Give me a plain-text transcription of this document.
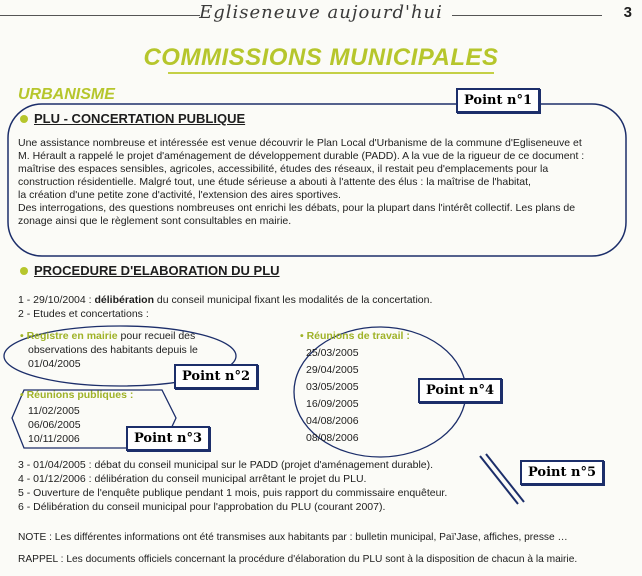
Egliseneuve aujourd'hui	3
COMMISSIONS MUNICIPALES
URBANISME	Point n°1
Point n°2
Point n°3
Point n°4
Point n°5
PLU - CONCERTATION PUBLIQUE
Une assistance nombreuse et intéressée est venue découvrir le Plan Local d'Urbanisme de la commune d'Egliseneuve et
M. Hérault a rappelé le projet d'aménagement de développement durable (PADD). A la vue de la rigueur de ce document :
maîtrise des espaces sensibles, agricoles, accessibilité, études des réseaux, il restait peu d'emplacements pour la
construction résidentielle. Malgré tout, une étude sérieuse a abouti à l'attente des élus : la maîtrise de l'habitat,
la création d'une petite zone d'activité, l'extension des aires sportives.
Des interrogations, des questions nombreuses ont enrichi les débats, pour la plupart dans l'intérêt collectif. Les plans de
zonage ainsi que le règlement sont consultables en mairie.
PROCEDURE D'ELABORATION DU PLU
1 - 29/10/2004 : délibération du conseil municipal fixant les modalités de la concertation.
2 - Etudes et concertations :
• Registre en mairie pour recueil des
observations des habitants depuis le
01/04/2005
• Réunions publiques :
11/02/2005
06/06/2005
10/11/2006
• Réunions de travail :
25/03/2005
29/04/2005
03/05/2005
16/09/2005
04/08/2006
08/08/2006
3 - 01/04/2005 : débat du conseil municipal sur le PADD (projet d'aménagement durable).
4 - 01/12/2006 : délibération du conseil municipal arrêtant le projet du PLU.
5 - Ouverture de l'enquête publique pendant 1 mois, puis rapport du commissaire enquêteur.
6 - Délibération du conseil municipal pour l'approbation du PLU (courant 2007).
NOTE : Les différentes informations ont été transmises aux habitants par : bulletin municipal, Paï'Jase, affiches, presse …
RAPPEL : Les documents officiels concernant la procédure d'élaboration du PLU sont à la disposition de chacun à la mairie.
